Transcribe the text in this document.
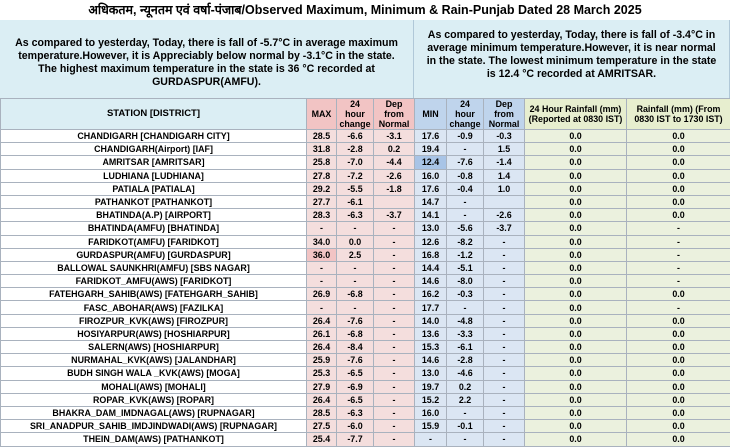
अधिकतम, न्यूनतम एवं वर्षा-पंजाब/Observed Maximum, Minimum & Rain-Punjab Dated 28 March 2025
As compared to yesterday, Today, there is fall of -5.7°C in average maximum temperature.However, it is Appreciably below normal by -3.1°C in the state. The highest maximum temperature in the state is 36 °C recorded at GURDASPUR(AMFU).
As compared to yesterday, Today, there is fall of -3.4°C in average minimum temperature.However, it is near normal in the state. The lowest minimum temperature in the state is 12.4 °C recorded at AMRITSAR.
STATION [DISTRICT]	MAX	24 hour change	Dep from Normal	MIN	24 hour change	Dep from Normal	24 Hour Rainfall (mm) (Reported at 0830 IST)	Rainfall (mm) (From 0830 IST to 1730 IST)
CHANDIGARH [CHANDIGARH CITY]	28.5	-6.6	-3.1	17.6	-0.9	-0.3	0.0	0.0
CHANDIGARH(Airport) [IAF]	31.8	-2.8	0.2	19.4	-	1.5	0.0	0.0
AMRITSAR [AMRITSAR]	25.8	-7.0	-4.4	12.4	-7.6	-1.4	0.0	0.0
LUDHIANA [LUDHIANA]	27.8	-7.2	-2.6	16.0	-0.8	1.4	0.0	0.0
PATIALA [PATIALA]	29.2	-5.5	-1.8	17.6	-0.4	1.0	0.0	0.0
PATHANKOT [PATHANKOT]	27.7	-6.1		14.7	-		0.0	0.0
BHATINDA(A.P) [AIRPORT]	28.3	-6.3	-3.7	14.1	-	-2.6	0.0	0.0
BHATINDA(AMFU) [BHATINDA]	-	-	-	13.0	-5.6	-3.7	0.0	-
FARIDKOT(AMFU) [FARIDKOT]	34.0	0.0	-	12.6	-8.2	-	0.0	-
GURDASPUR(AMFU) [GURDASPUR]	36.0	2.5	-	16.8	-1.2	-	0.0	-
BALLOWAL SAUNKHRI(AMFU) [SBS NAGAR]	-	-	-	14.4	-5.1	-	0.0	-
FARIDKOT_AMFU(AWS) [FARIDKOT]	-	-	-	14.6	-8.0	-	0.0	-
FATEHGARH_SAHIB(AWS) [FATEHGARH_SAHIB]	26.9	-6.8	-	16.2	-0.3	-	0.0	0.0
FASC_ABOHAR(AWS) [FAZILKA]	-	-	-	17.7	-	-	0.0	-
FIROZPUR_KVK(AWS) [FIROZPUR]	26.4	-7.6	-	14.0	-4.8	-	0.0	0.0
HOSIYARPUR(AWS) [HOSHIARPUR]	26.1	-6.8	-	13.6	-3.3	-	0.0	0.0
SALERN(AWS) [HOSHIARPUR]	26.4	-8.4	-	15.3	-6.1	-	0.0	0.0
NURMAHAL_KVK(AWS) [JALANDHAR]	25.9	-7.6	-	14.6	-2.8	-	0.0	0.0
BUDH SINGH WALA _KVK(AWS) [MOGA]	25.3	-6.5	-	13.0	-4.6	-	0.0	0.0
MOHALI(AWS) [MOHALI]	27.9	-6.9	-	19.7	0.2	-	0.0	0.0
ROPAR_KVK(AWS) [ROPAR]	26.4	-6.5	-	15.2	2.2	-	0.0	0.0
BHAKRA_DAM_IMDNAGAL(AWS) [RUPNAGAR]	28.5	-6.3	-	16.0	-	-	0.0	0.0
SRI_ANADPUR_SAHIB_IMDJINDWADI(AWS) [RUPNAGAR]	27.5	-6.0	-	15.9	-0.1	-	0.0	0.0
THEIN_DAM(AWS) [PATHANKOT]	25.4	-7.7	-	-	-	-	0.0	0.0
